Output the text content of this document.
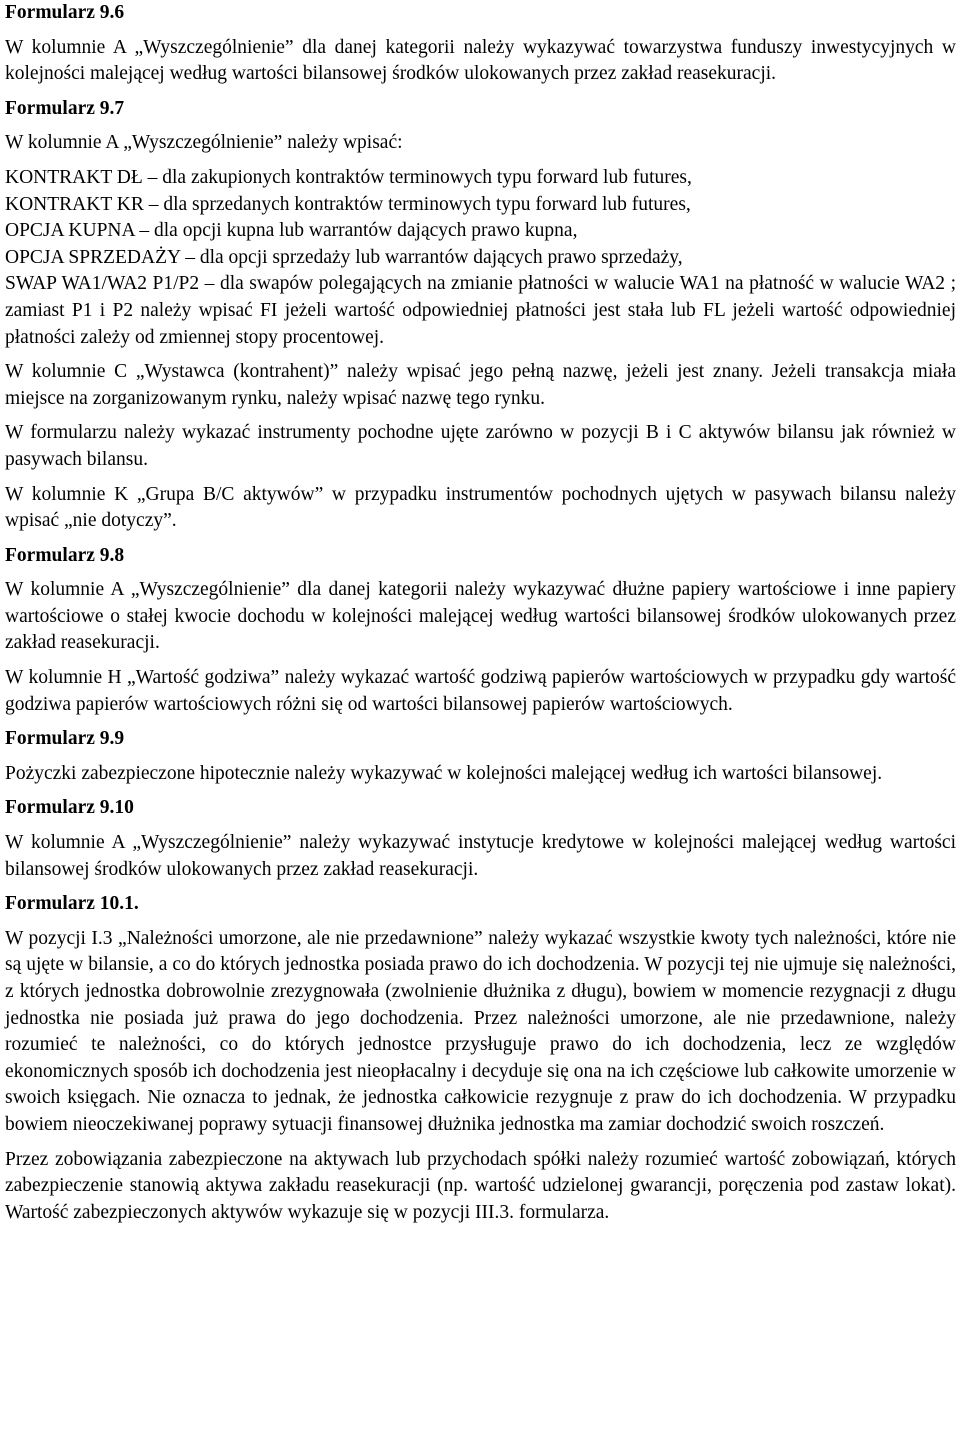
Formularz 9.6
W kolumnie A „Wyszczególnienie” dla danej kategorii należy wykazywać towarzystwa funduszy inwestycyjnych w kolejności malejącej według wartości bilansowej środków ulokowanych przez zakład reasekuracji.
Formularz 9.7
W kolumnie A „Wyszczególnienie” należy wpisać:
KONTRAKT DŁ – dla zakupionych kontraktów terminowych typu forward lub futures,
KONTRAKT KR – dla sprzedanych kontraktów terminowych typu forward lub futures,
OPCJA KUPNA – dla opcji kupna lub warrantów dających prawo kupna,
OPCJA SPRZEDAŻY – dla opcji sprzedaży lub warrantów dających prawo sprzedaży,
SWAP WA1/WA2 P1/P2 – dla swapów polegających na zmianie płatności w walucie WA1 na płatność w walucie WA2 ; zamiast P1 i P2 należy wpisać FI jeżeli wartość odpowiedniej płatności jest stała lub FL jeżeli wartość odpowiedniej płatności zależy od zmiennej stopy procentowej.
W kolumnie C „Wystawca (kontrahent)” należy wpisać jego pełną nazwę, jeżeli jest znany. Jeżeli transakcja miała miejsce na zorganizowanym rynku, należy wpisać nazwę tego rynku.
W formularzu należy wykazać instrumenty pochodne ujęte zarówno w pozycji B i C aktywów bilansu jak również w pasywach bilansu.
W kolumnie K „Grupa B/C aktywów” w przypadku instrumentów pochodnych ujętych w pasywach bilansu należy wpisać „nie dotyczy”.
Formularz 9.8
W kolumnie A „Wyszczególnienie” dla danej kategorii należy wykazywać dłużne papiery wartościowe i inne papiery wartościowe o stałej kwocie dochodu w kolejności malejącej według wartości bilansowej środków ulokowanych przez zakład reasekuracji.
W kolumnie H „Wartość godziwa” należy wykazać wartość godziwą papierów wartościowych w przypadku gdy wartość godziwa papierów wartościowych różni się od wartości bilansowej papierów wartościowych.
Formularz 9.9
Pożyczki zabezpieczone hipotecznie należy wykazywać w kolejności malejącej według ich wartości bilansowej.
Formularz 9.10
W kolumnie A „Wyszczególnienie” należy wykazywać instytucje kredytowe w kolejności malejącej według wartości bilansowej środków ulokowanych przez zakład reasekuracji.
Formularz 10.1.
W pozycji I.3 „Należności umorzone, ale nie przedawnione” należy wykazać wszystkie kwoty tych należności, które nie są ujęte w bilansie, a co do których jednostka posiada prawo do ich dochodzenia. W pozycji tej nie ujmuje się należności, z których jednostka dobrowolnie zrezygnowała (zwolnienie dłużnika z długu), bowiem w momencie rezygnacji z długu jednostka nie posiada już prawa do jego dochodzenia. Przez należności umorzone, ale nie przedawnione, należy rozumieć te należności, co do których jednostce przysługuje prawo do ich dochodzenia, lecz ze względów ekonomicznych sposób ich dochodzenia jest nieopłacalny i decyduje się ona na ich częściowe lub całkowite umorzenie w swoich księgach. Nie oznacza to jednak, że jednostka całkowicie rezygnuje z praw do ich dochodzenia. W przypadku bowiem nieoczekiwanej poprawy sytuacji finansowej dłużnika jednostka ma zamiar dochodzić swoich roszczeń.
Przez zobowiązania zabezpieczone na aktywach lub przychodach spółki należy rozumieć wartość zobowiązań, których zabezpieczenie stanowią aktywa zakładu reasekuracji (np. wartość udzielonej gwarancji, poręczenia pod zastaw lokat). Wartość zabezpieczonych aktywów wykazuje się w pozycji III.3. formularza.
